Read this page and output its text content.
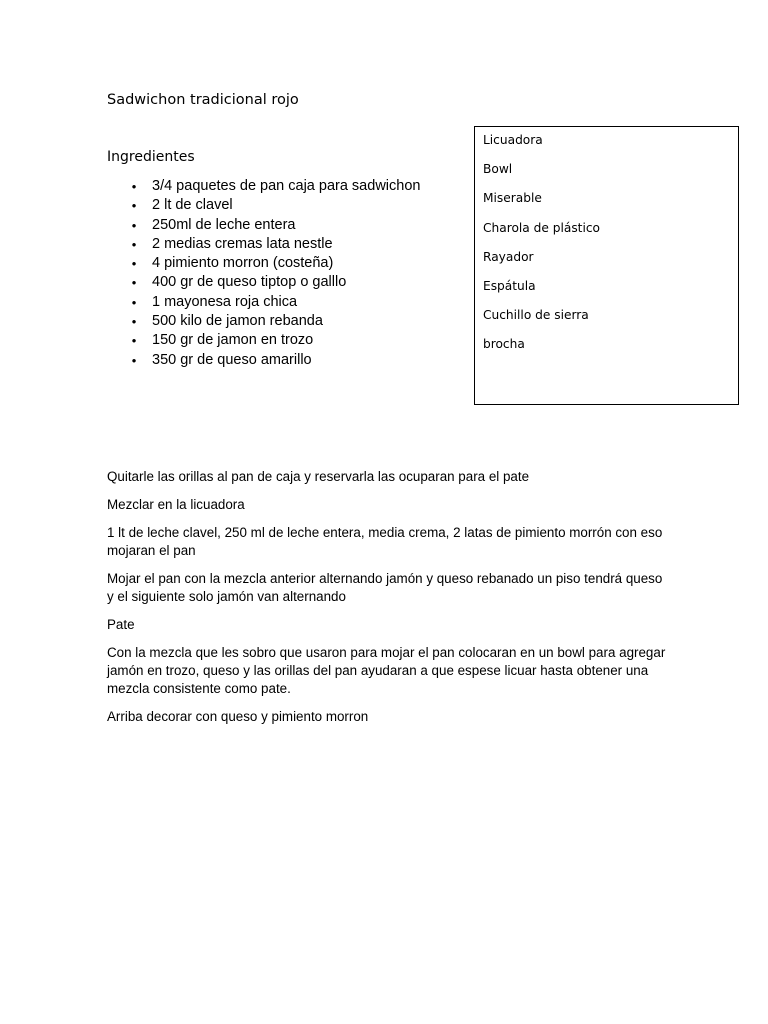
Sadwichon tradicional rojo
Ingredientes
• 3/4 paquetes de pan caja para sadwichon
• 2 lt de clavel
• 250ml de leche entera
• 2 medias cremas lata nestle
• 4 pimiento morron (costeña)
• 400 gr de queso tiptop o galllo
• 1 mayonesa roja chica
• 500 kilo de jamon rebanda
• 150 gr de jamon en trozo
• 350 gr de queso amarillo
Licuadora
Bowl
Miserable
Charola de plástico
Rayador
Espátula
Cuchillo de sierra
brocha

Quitarle las orillas al pan de caja y reservarla las ocuparan para el pate

Mezclar en la licuadora

1 lt de leche clavel, 250 ml de leche entera, media crema, 2 latas de pimiento morrón con eso mojaran el pan

Mojar el pan con la mezcla anterior alternando jamón y queso rebanado un piso tendrá queso y el siguiente solo jamón van alternando

Pate

Con la mezcla que les sobro que usaron para mojar el pan colocaran en un bowl para agregar jamón en trozo, queso y las orillas del pan ayudaran a que espese licuar hasta obtener una mezcla consistente como pate.

Arriba decorar con queso y pimiento morron
